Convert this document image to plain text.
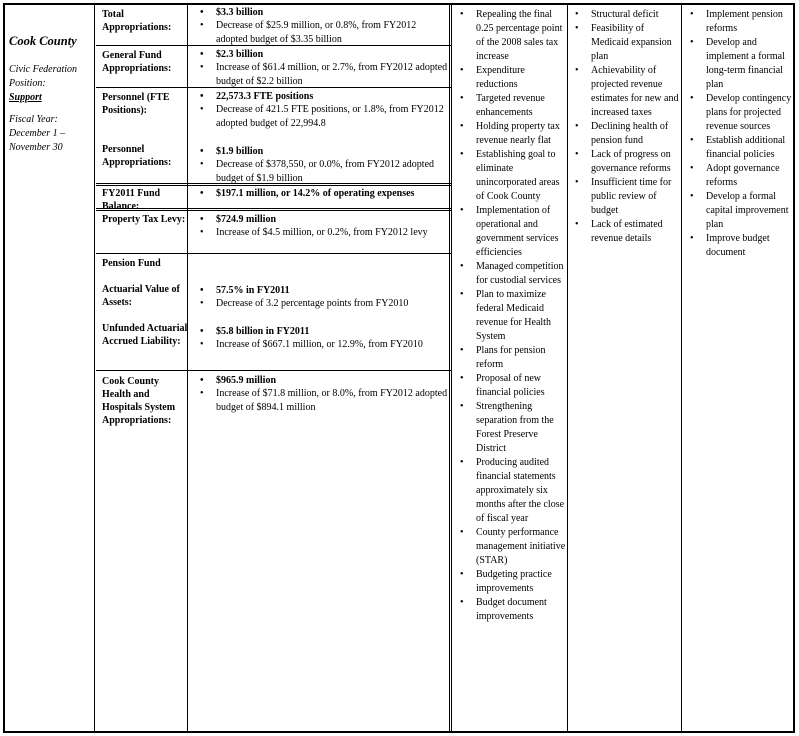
Cook County
Civic Federation
Position:
Support
Fiscal Year:
December 1 –
November 30
Total Appropriations:
General Fund Appropriations:
Personnel (FTE Positions):
Personnel Appropriations:
FY2011 Fund Balance:
Property Tax Levy:
Pension Fund
Actuarial Value of Assets:
Unfunded Actuarial Accrued Liability:
Cook County Health and Hospitals System Appropriations:
• $3.3 billion
• Decrease of $25.9 million, or 0.8%, from FY2012 adopted budget of $3.35 billion
• $2.3 billion
• Increase of $61.4 million, or 2.7%, from FY2012 adopted budget of $2.2 billion
• 22,573.3 FTE positions
• Decrease of 421.5 FTE positions, or 1.8%, from FY2012 adopted budget of 22,994.8
• $1.9 billion
• Decrease of $378,550, or 0.0%, from FY2012 adopted budget of $1.9 billion
• $197.1 million, or 14.2% of operating expenses
• $724.9 million
• Increase of $4.5 million, or 0.2%, from FY2012 levy
• 57.5% in FY2011
• Decrease of 3.2 percentage points from FY2010
• $5.8 billion in FY2011
• Increase of $667.1 million, or 12.9%, from FY2010
• $965.9 million
• Increase of $71.8 million, or 8.0%, from FY2012 adopted budget of $894.1 million
• Repealing the final 0.25 percentage point of the 2008 sales tax increase
• Expenditure reductions
• Targeted revenue enhancements
• Holding property tax revenue nearly flat
• Establishing goal to eliminate unincorporated areas of Cook County
• Implementation of operational and government services efficiencies
• Managed competition for custodial services
• Plan to maximize federal Medicaid revenue for Health System
• Plans for pension reform
• Proposal of new financial policies
• Strengthening separation from the Forest Preserve District
• Producing audited financial statements approximately six months after the close of fiscal year
• County performance management initiative (STAR)
• Budgeting practice improvements
• Budget document improvements
• Structural deficit
• Feasibility of Medicaid expansion plan
• Achievability of projected revenue estimates for new and increased taxes
• Declining health of pension fund
• Lack of progress on governance reforms
• Insufficient time for public review of budget
• Lack of estimated revenue details
• Implement pension reforms
• Develop and implement a formal long-term financial plan
• Develop contingency plans for projected revenue sources
• Establish additional financial policies
• Adopt governance reforms
• Develop a formal capital improvement plan
• Improve budget document
